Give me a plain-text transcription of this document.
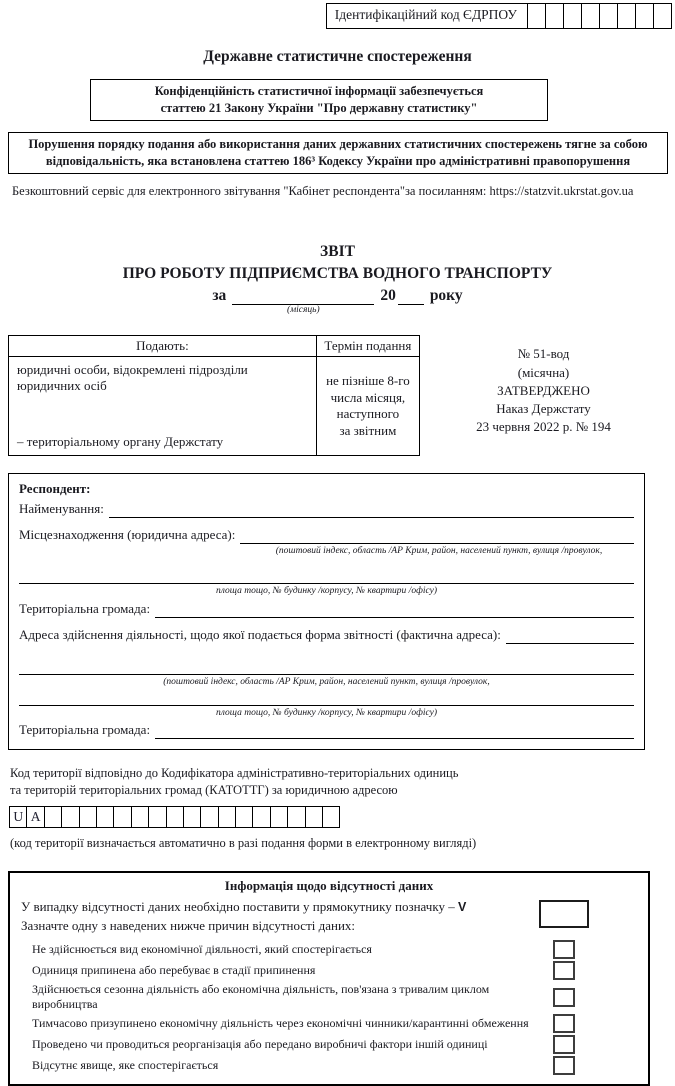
Ідентифікаційний код ЄДРПОУ
Державне статистичне спостереження
Конфіденційність статистичної інформації забезпечується
статтею 21 Закону України "Про державну статистику"
Порушення порядку подання або використання даних державних статистичних спостережень тягне за собою
відповідальність, яка встановлена статтею 186³ Кодексу України про адміністративні правопорушення
Безкоштовний сервіс для електронного звітування "Кабінет респондента"за посиланням: https://statzvit.ukrstat.gov.ua
ЗВІТ
ПРО РОБОТУ ПІДПРИЄМСТВА ВОДНОГО ТРАНСПОРТУ
за
(місяць)
20 року
Подають:	Термін подання

юридичні особи, відокремлені підрозділи юридичних осіб
– територіальному органу Держстату
	не пізніше 8-го
числа місяця,
наступного
за звітним
№ 51-вод
(місячна)
ЗАТВЕРДЖЕНО
Наказ Держстату
23 червня 2022 р. № 194
Респондент:
Найменування:
Місцезнаходження (юридична адреса):
(поштовий індекс, область /АР Крим, район, населений пункт, вулиця /провулок,
площа тощо, № будинку /корпусу, № квартири /офісу)
Територіальна громада:
Адреса здійснення діяльності, щодо якої подається форма звітності (фактична адреса):
(поштовий індекс, область /АР Крим, район, населений пункт, вулиця /провулок,
площа тощо, № будинку /корпусу, № квартири /офісу)
Територіальна громада:
Код території відповідно до Кодифікатора адміністративно-територіальних одиниць
та територій територіальних громад (КАТОТТГ) за юридичною адресою
U A
(код території визначається автоматично в разі подання форми в електронному вигляді)
Інформація щодо відсутності даних
У випадку відсутності даних необхідно поставити у прямокутнику позначку – V
Зазначте одну з наведених нижче причин відсутності даних:
Не здійснюється вид економічної діяльності, який спостерігається
Одиниця припинена або перебуває в стадії припинення
Здійснюється сезонна діяльність або економічна діяльність, пов'язана з тривалим циклом виробництва
Тимчасово призупинено економічну діяльність через економічні чинники/карантинні обмеження
Проведено чи проводиться реорганізація або передано виробничі фактори іншій одиниці
Відсутнє явище, яке спостерігається
